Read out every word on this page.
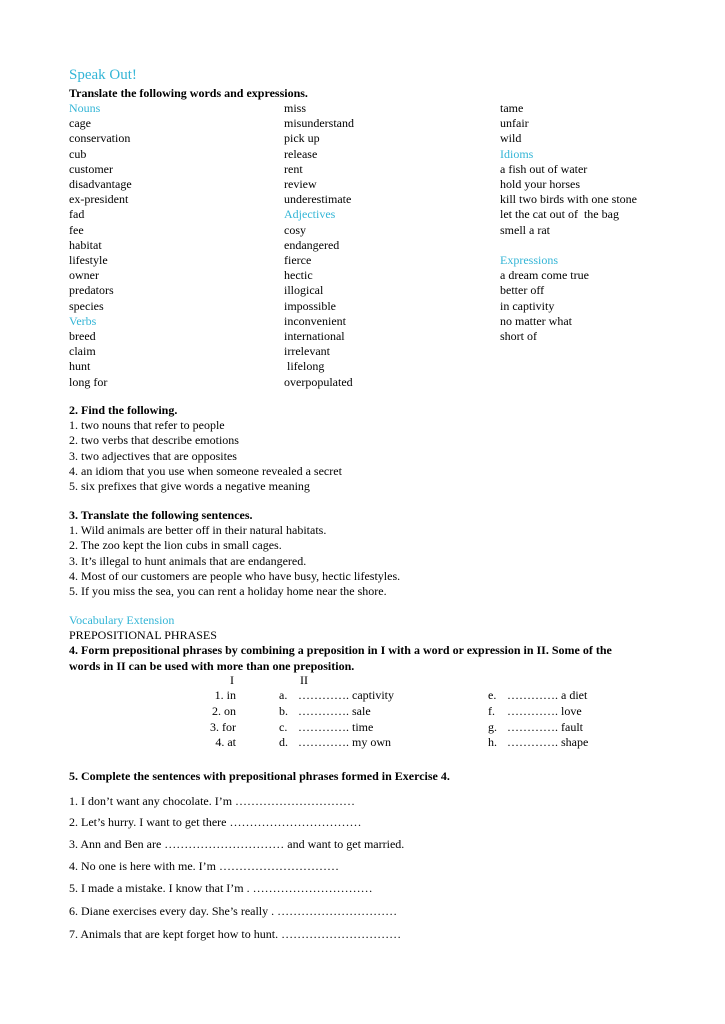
Speak Out!
Translate the following words and expressions.
Nouns
cage
conservation
cub
customer
disadvantage
ex-president
fad
fee
habitat
lifestyle
owner
predators
species
Verbs
breed
claim
hunt
long for
miss
misunderstand
pick up
release
rent
review
underestimate
Adjectives
cosy
endangered
fierce
hectic
illogical
impossible
inconvenient
international
irrelevant
lifelong
overpopulated
tame
unfair
wild
Idioms
a fish out of water
hold your horses
kill two birds with one stone
let the cat out of  the bag
smell a rat
Expressions
a dream come true
better off
in captivity
no matter what
short of
2. Find the following.
1. two nouns that refer to people
2. two verbs that describe emotions
3. two adjectives that are opposites
4. an idiom that you use when someone revealed a secret
5. six prefixes that give words a negative meaning
3. Translate the following sentences.
1. Wild animals are better off in their natural habitats.
2. The zoo kept the lion cubs in small cages.
3. It’s illegal to hunt animals that are endangered.
4. Most of our customers are people who have busy, hectic lifestyles.
5. If you miss the sea, you can rent a holiday home near the shore.
Vocabulary Extension
PREPOSITIONAL PHRASES
4. Form prepositional phrases by combining a preposition in I with a word or expression in II. Some of the
words in II can be used with more than one preposition.
I	II
1. in
2. on
3. for
4. at
a.
b.
c.
d.
…………. captivity
…………. sale
…………. time
…………. my own
e.
f.
g.
h.
…………. a diet
…………. love
…………. fault
…………. shape
5. Complete the sentences with prepositional phrases formed in Exercise 4.
1. I don’t want any chocolate. I’m …………………………
2. Let’s hurry. I want to get there ……………………………
3. Ann and Ben are ………………………… and want to get married.
4. No one is here with me. I’m …………………………
5. I made a mistake. I know that I’m . …………………………
6. Diane exercises every day. She’s really . …………………………
7. Animals that are kept forget how to hunt. …………………………
